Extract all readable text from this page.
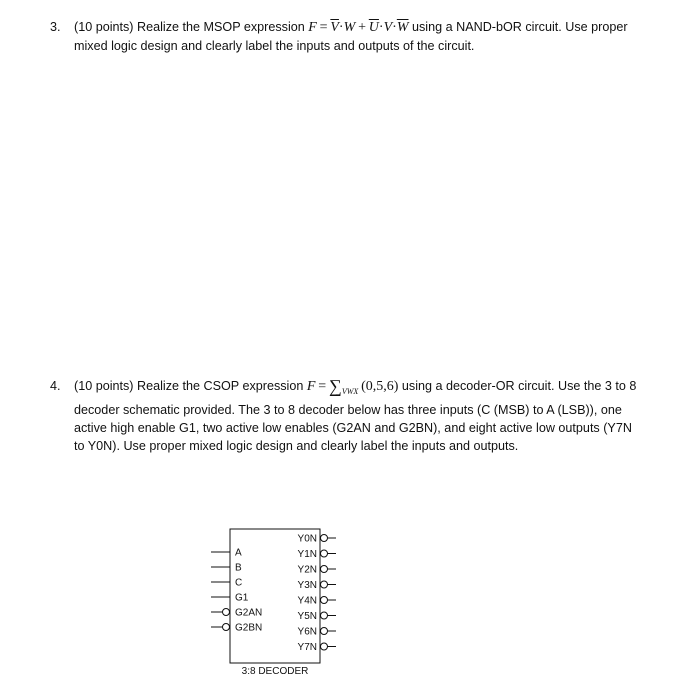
3. (10 points) Realize the MSOP expression $F = \overline{V}\cdot W + \overline{U}\cdot V\cdot\overline{W}$ using a NAND-bOR circuit. Use proper mixed logic design and clearly label the inputs and outputs of the circuit.
4. (10 points) Realize the CSOP expression $F = \sum_{VWX}$  (0,5,6) using a decoder-OR circuit. Use the 3 to 8 decoder schematic provided. The 3 to 8 decoder below has three inputs (C (MSB) to A (LSB)), one active high enable G1, two active low enables (G2AN and G2BN), and eight active low outputs (Y7N to Y0N). Use proper mixed logic design and clearly label the inputs and outputs.
A
B
C
G1
G2AN
G2BN
Y0N
Y1N
Y2N
Y3N
Y4N
Y5N
Y6N
Y7N
3:8 DECODER
